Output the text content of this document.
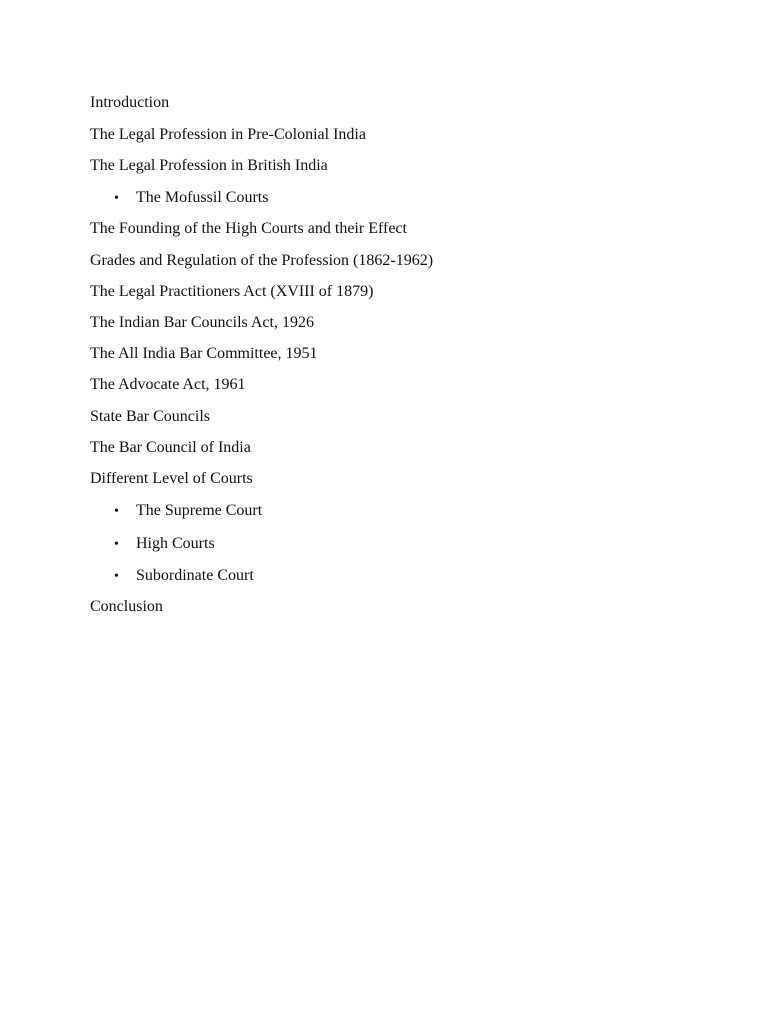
Introduction
The Legal Profession in Pre-Colonial India
The Legal Profession in British India
• The Mofussil Courts
The Founding of the High Courts and their Effect
Grades and Regulation of the Profession (1862-1962)
The Legal Practitioners Act (XVIII of 1879)
The Indian Bar Councils Act, 1926
The All India Bar Committee, 1951
The Advocate Act, 1961
State Bar Councils
The Bar Council of India
Different Level of Courts
• The Supreme Court
• High Courts
• Subordinate Court
Conclusion
